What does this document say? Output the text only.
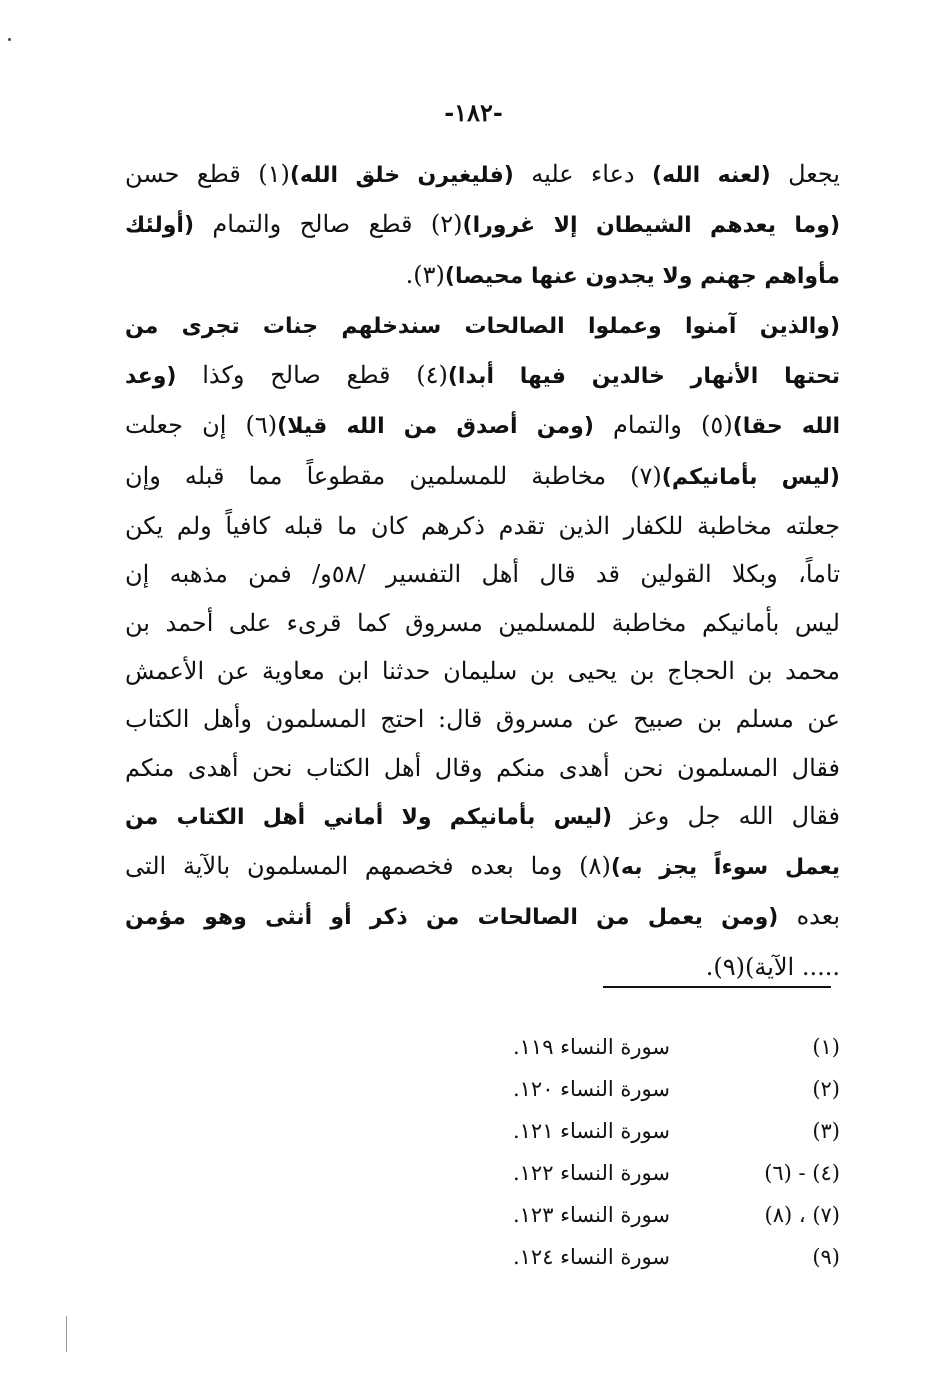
-١٨٢-
يجعل (لعنه الله) دعاء عليه (فليغيرن خلق الله)(١) قطع حسن
(وما يعدهم الشيطان إلا غرورا)(٢) قطع صالح والتمام (أولئك
مأواهم جهنم ولا يجدون عنها محيصا)(٣).
(والذين آمنوا وعملوا الصالحات سندخلهم جنات تجرى من
تحتها الأنهار خالدين فيها أبدا)(٤) قطع صالح وكذا (وعد
الله حقا)(٥) والتمام (ومن أصدق من الله قيلا)(٦) إن جعلت
(ليس بأمانيكم)(٧) مخاطبة للمسلمين مقطوعاً مما قبله وإن
جعلته مخاطبة للكفار الذين تقدم ذكرهم كان ما قبله كافياً ولم يكن
تاماً، وبكلا القولين قد قال أهل التفسير /٥٨و/ فمن مذهبه إن
ليس بأمانيكم مخاطبة للمسلمين مسروق كما قرىء على أحمد بن
محمد بن الحجاج بن يحيى بن سليمان حدثنا ابن معاوية عن الأعمش
عن مسلم بن صبيح عن مسروق قال: احتج المسلمون وأهل الكتاب
فقال المسلمون نحن أهدى منكم وقال أهل الكتاب نحن أهدى منكم
فقال الله جل وعز (ليس بأمانيكم ولا أماني أهل الكتاب من
يعمل سوءاً يجز به)(٨) وما بعده فخصمهم المسلمون بالآية التى
بعده (ومن يعمل من الصالحات من ذكر أو أنثى وهو مؤمن
..... الآية)(٩).
(١)
سورة النساء ١١٩.
(٢)
سورة النساء ١٢٠.
(٣)
سورة النساء ١٢١.
(٤) - (٦)
سورة النساء ١٢٢.
(٧) ، (٨)
سورة النساء ١٢٣.
(٩)
سورة النساء ١٢٤.
